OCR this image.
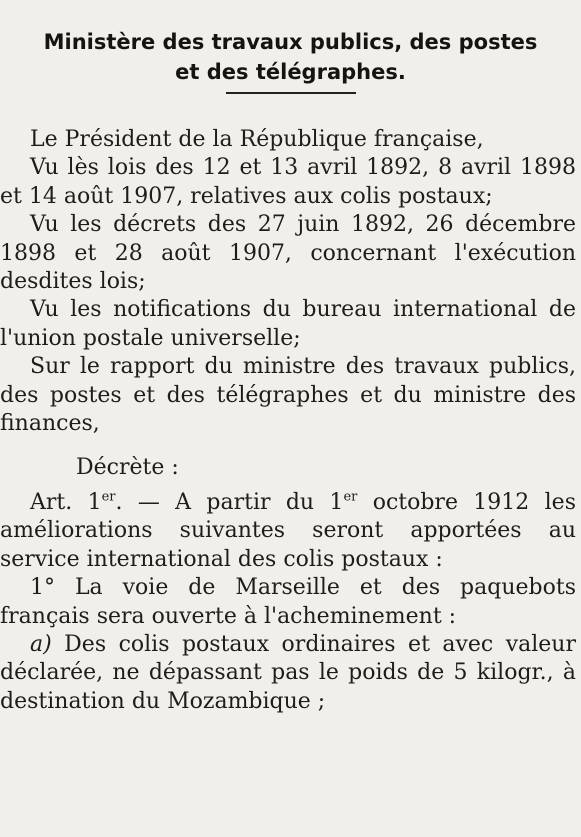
Ministère des travaux publics, des postes
et des télégraphes.

Le Président de la République française,

Vu lès lois des 12 et 13 avril 1892, 8 avril 1898 et 14 août 1907, relatives aux colis postaux;

Vu les décrets des 27 juin 1892, 26 décembre 1898 et 28 août 1907, concernant l'exécution desdites lois;

Vu les notifications du bureau international de l'union postale universelle;

Sur le rapport du ministre des travaux publics, des postes et des télégraphes et du ministre des finances,

Décrète :

Art. 1er. — A partir du 1er octobre 1912 les améliorations suivantes seront apportées au service international des colis postaux :

1° La voie de Marseille et des paquebots français sera ouverte à l'acheminement :

a) Des colis postaux ordinaires et avec valeur déclarée, ne dépassant pas le poids de 5 kilogr., à destination du Mozambique ;
